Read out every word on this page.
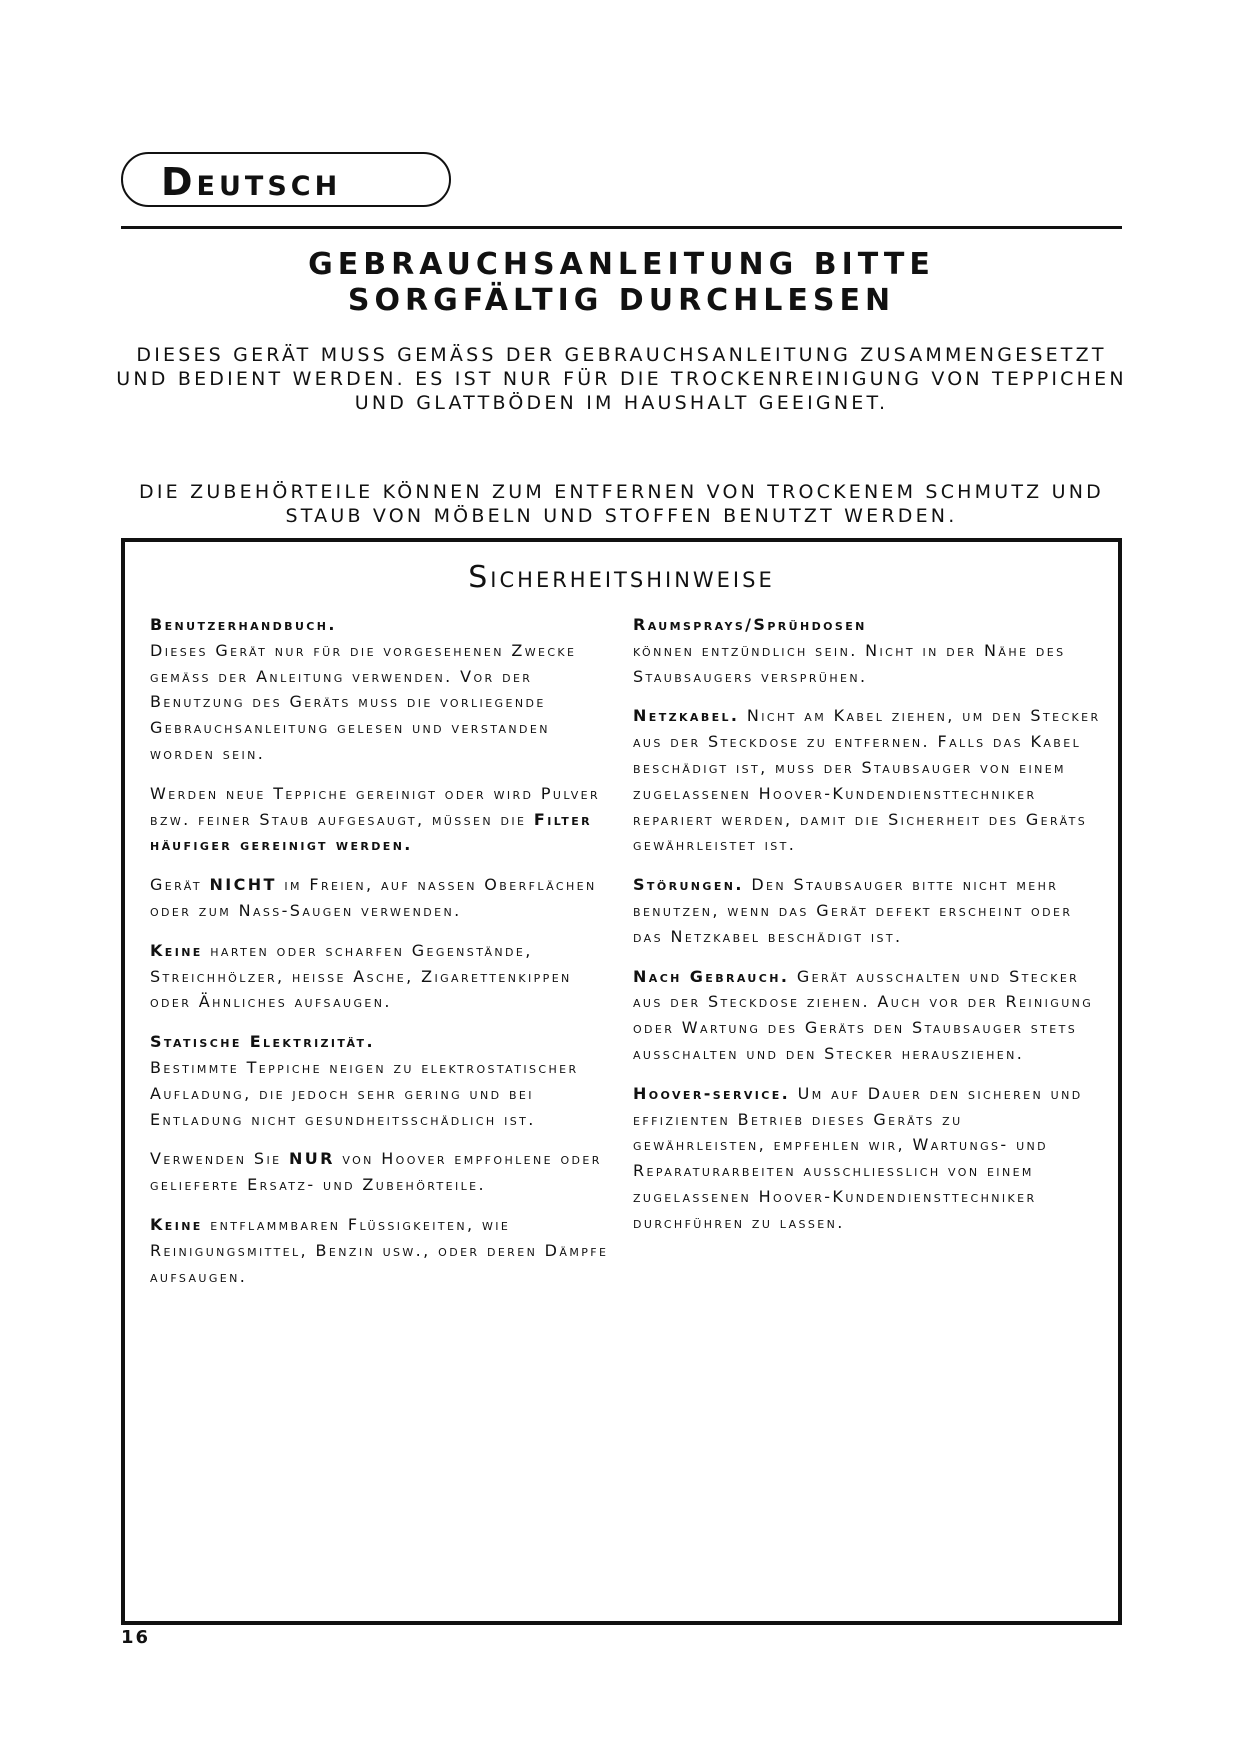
Deutsch
GEBRAUCHSANLEITUNG BITTE
SORGFÄLTIG DURCHLESEN
DIESES GERÄT MUSS GEMÄSS DER GEBRAUCHSANLEITUNG ZUSAMMENGESETZT UND BEDIENT WERDEN. ES IST NUR FÜR DIE TROCKENREINIGUNG VON TEPPICHEN UND GLATTBÖDEN IM HAUSHALT GEEIGNET.
DIE ZUBEHÖRTEILE KÖNNEN ZUM ENTFERNEN VON TROCKENEM SCHMUTZ UND STAUB VON MÖBELN UND STOFFEN BENUTZT WERDEN.
Sicherheitshinweise

Benutzerhandbuch.
Dieses Gerät nur für die vorgesehenen Zwecke gemäss der Anleitung verwenden. Vor der Benutzung des Geräts muss die vorliegende Gebrauchsanleitung gelesen und verstanden worden sein.

Werden neue Teppiche gereinigt oder wird Pulver bzw. feiner Staub aufgesaugt, müssen die Filter häufiger gereinigt werden.

Gerät NICHT im Freien, auf nassen Oberflächen oder zum Nass-Saugen verwenden.

Keine harten oder scharfen Gegenstände, Streichhölzer, heisse Asche, Zigarettenkippen oder Ähnliches aufsaugen.

Statische Elektrizität.
Bestimmte Teppiche neigen zu elektrostatischer Aufladung, die jedoch sehr gering und bei Entladung nicht gesundheitsschädlich ist.

Verwenden Sie NUR von Hoover empfohlene oder gelieferte Ersatz- und Zubehörteile.

Keine entflammbaren Flüssigkeiten, wie Reinigungsmittel, Benzin usw., oder deren Dämpfe aufsaugen.

Raumsprays/Sprühdosen
können entzündlich sein. Nicht in der Nähe des Staubsaugers versprühen.

Netzkabel. Nicht am Kabel ziehen, um den Stecker aus der Steckdose zu entfernen. Falls das Kabel beschädigt ist, muss der Staubsauger von einem zugelassenen Hoover-Kundendiensttechniker repariert werden, damit die Sicherheit des Geräts gewährleistet ist.

Störungen. Den Staubsauger bitte nicht mehr benutzen, wenn das Gerät defekt erscheint oder das Netzkabel beschädigt ist.

Nach Gebrauch. Gerät ausschalten und Stecker aus der Steckdose ziehen. Auch vor der Reinigung oder Wartung des Geräts den Staubsauger stets ausschalten und den Stecker herausziehen.

Hoover-service. Um auf Dauer den sicheren und effizienten Betrieb dieses Geräts zu gewährleisten, empfehlen wir, Wartungs- und Reparaturarbeiten ausschliesslich von einem zugelassenen Hoover-Kundendiensttechniker durchführen zu lassen.

16
